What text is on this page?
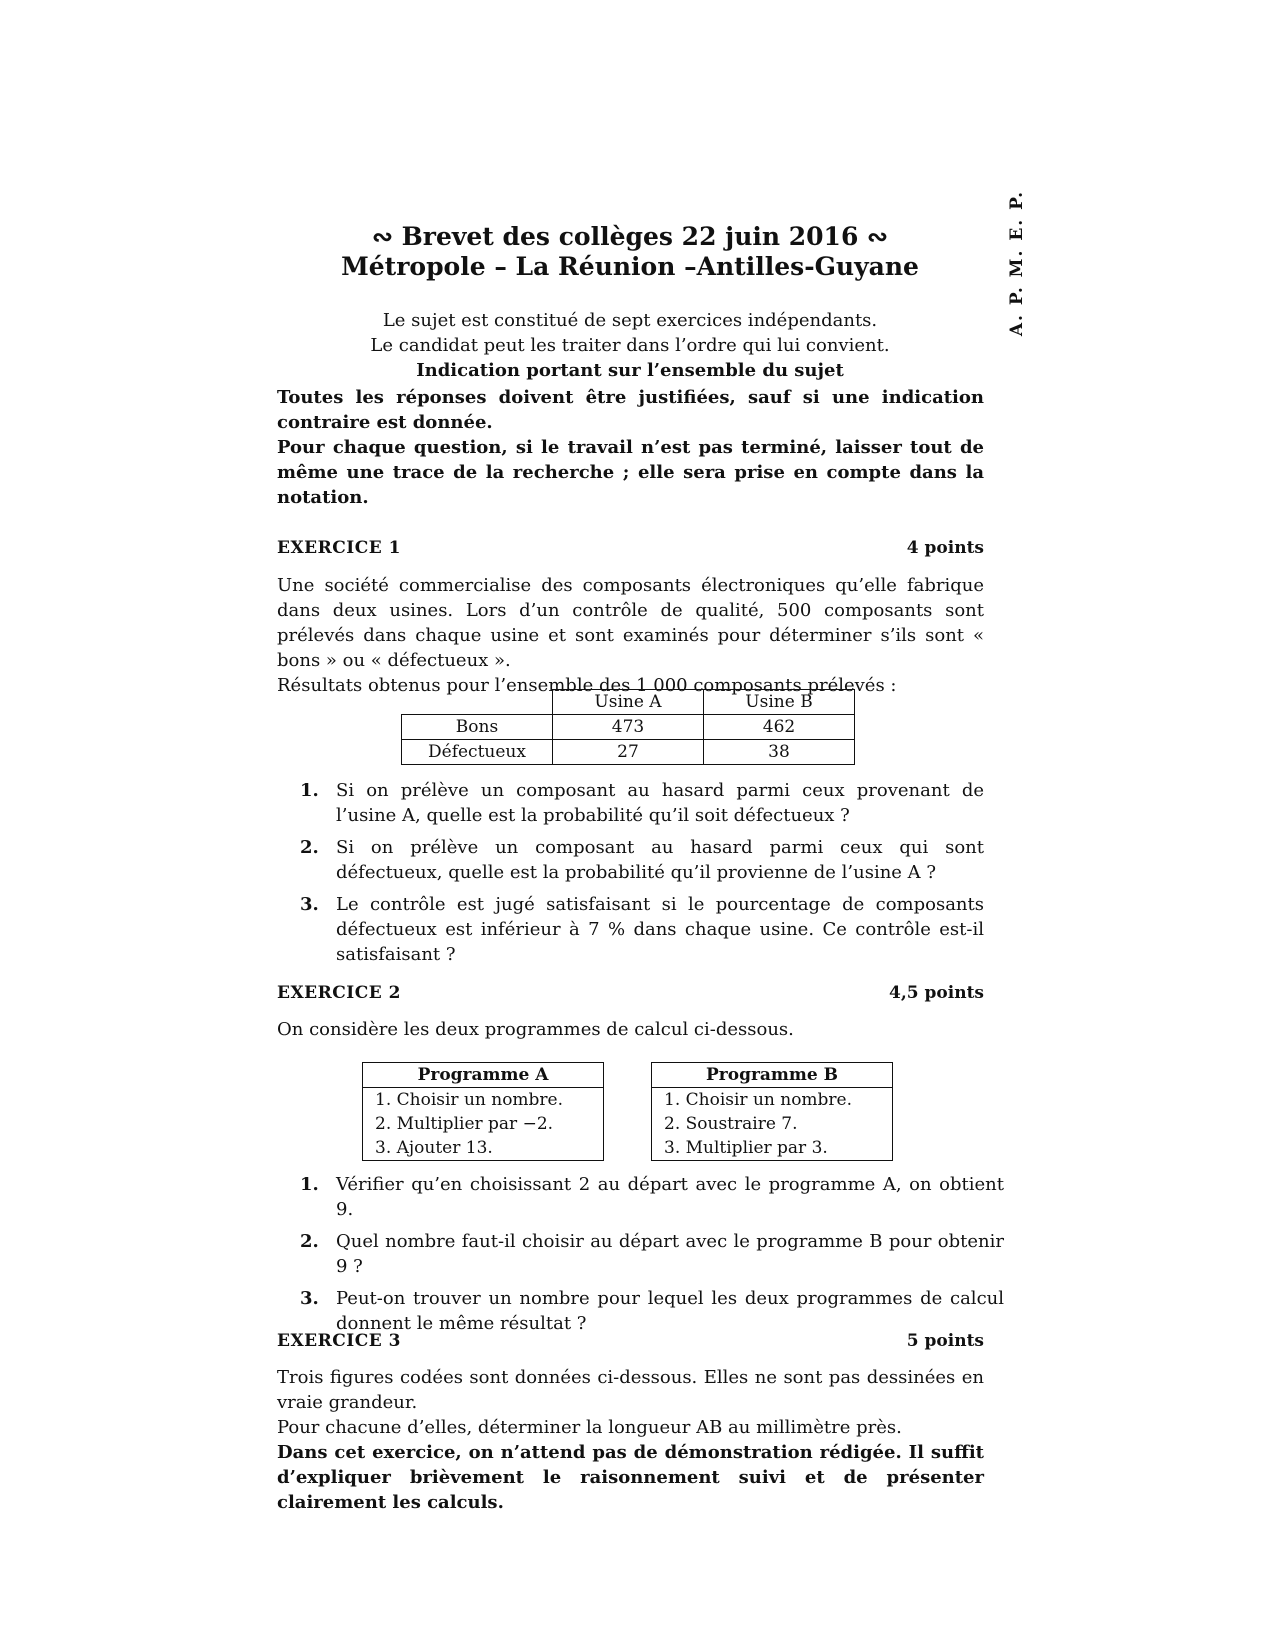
A. P. M. E. P.
∾ Brevet des collèges 22 juin 2016 ∾
Métropole – La Réunion –Antilles-Guyane
Le sujet est constitué de sept exercices indépendants.
Le candidat peut les traiter dans l’ordre qui lui convient.
Indication portant sur l’ensemble du sujet
Toutes les réponses doivent être justifiées, sauf si une indication contraire est donnée.
Pour chaque question, si le travail n’est pas terminé, laisser tout de même une trace de la recherche ; elle sera prise en compte dans la notation.
EXERCICE 1	4 points
Une société commercialise des composants électroniques qu’elle fabrique dans deux usines. Lors d’un contrôle de qualité, 500 composants sont prélevés dans chaque usine et sont examinés pour déterminer s’ils sont « bons » ou « défectueux ».
Résultats obtenus pour l’ensemble des 1 000 composants prélevés :
	Usine A	Usine B
Bons	473	462
Défectueux	27	38
1. Si on prélève un composant au hasard parmi ceux provenant de l’usine A, quelle est la probabilité qu’il soit défectueux ?
2. Si on prélève un composant au hasard parmi ceux qui sont défectueux, quelle est la probabilité qu’il provienne de l’usine A ?
3. Le contrôle est jugé satisfaisant si le pourcentage de composants défectueux est inférieur à 7 % dans chaque usine. Ce contrôle est-il satisfaisant ?
EXERCICE 2	4,5 points
On considère les deux programmes de calcul ci-dessous.
Programme A
1. Choisir un nombre.
2. Multiplier par −2.
3. Ajouter 13.
Programme B
1. Choisir un nombre.
2. Soustraire 7.
3. Multiplier par 3.
1. Vérifier qu’en choisissant 2 au départ avec le programme A, on obtient 9.
2. Quel nombre faut-il choisir au départ avec le programme B pour obtenir 9 ?
3. Peut-on trouver un nombre pour lequel les deux programmes de calcul donnent le même résultat ?
EXERCICE 3	5 points
Trois figures codées sont données ci-dessous. Elles ne sont pas dessinées en vraie grandeur.
Pour chacune d’elles, déterminer la longueur AB au millimètre près.
Dans cet exercice, on n’attend pas de démonstration rédigée. Il suffit d’expliquer brièvement le raisonnement suivi et de présenter clairement les calculs.
